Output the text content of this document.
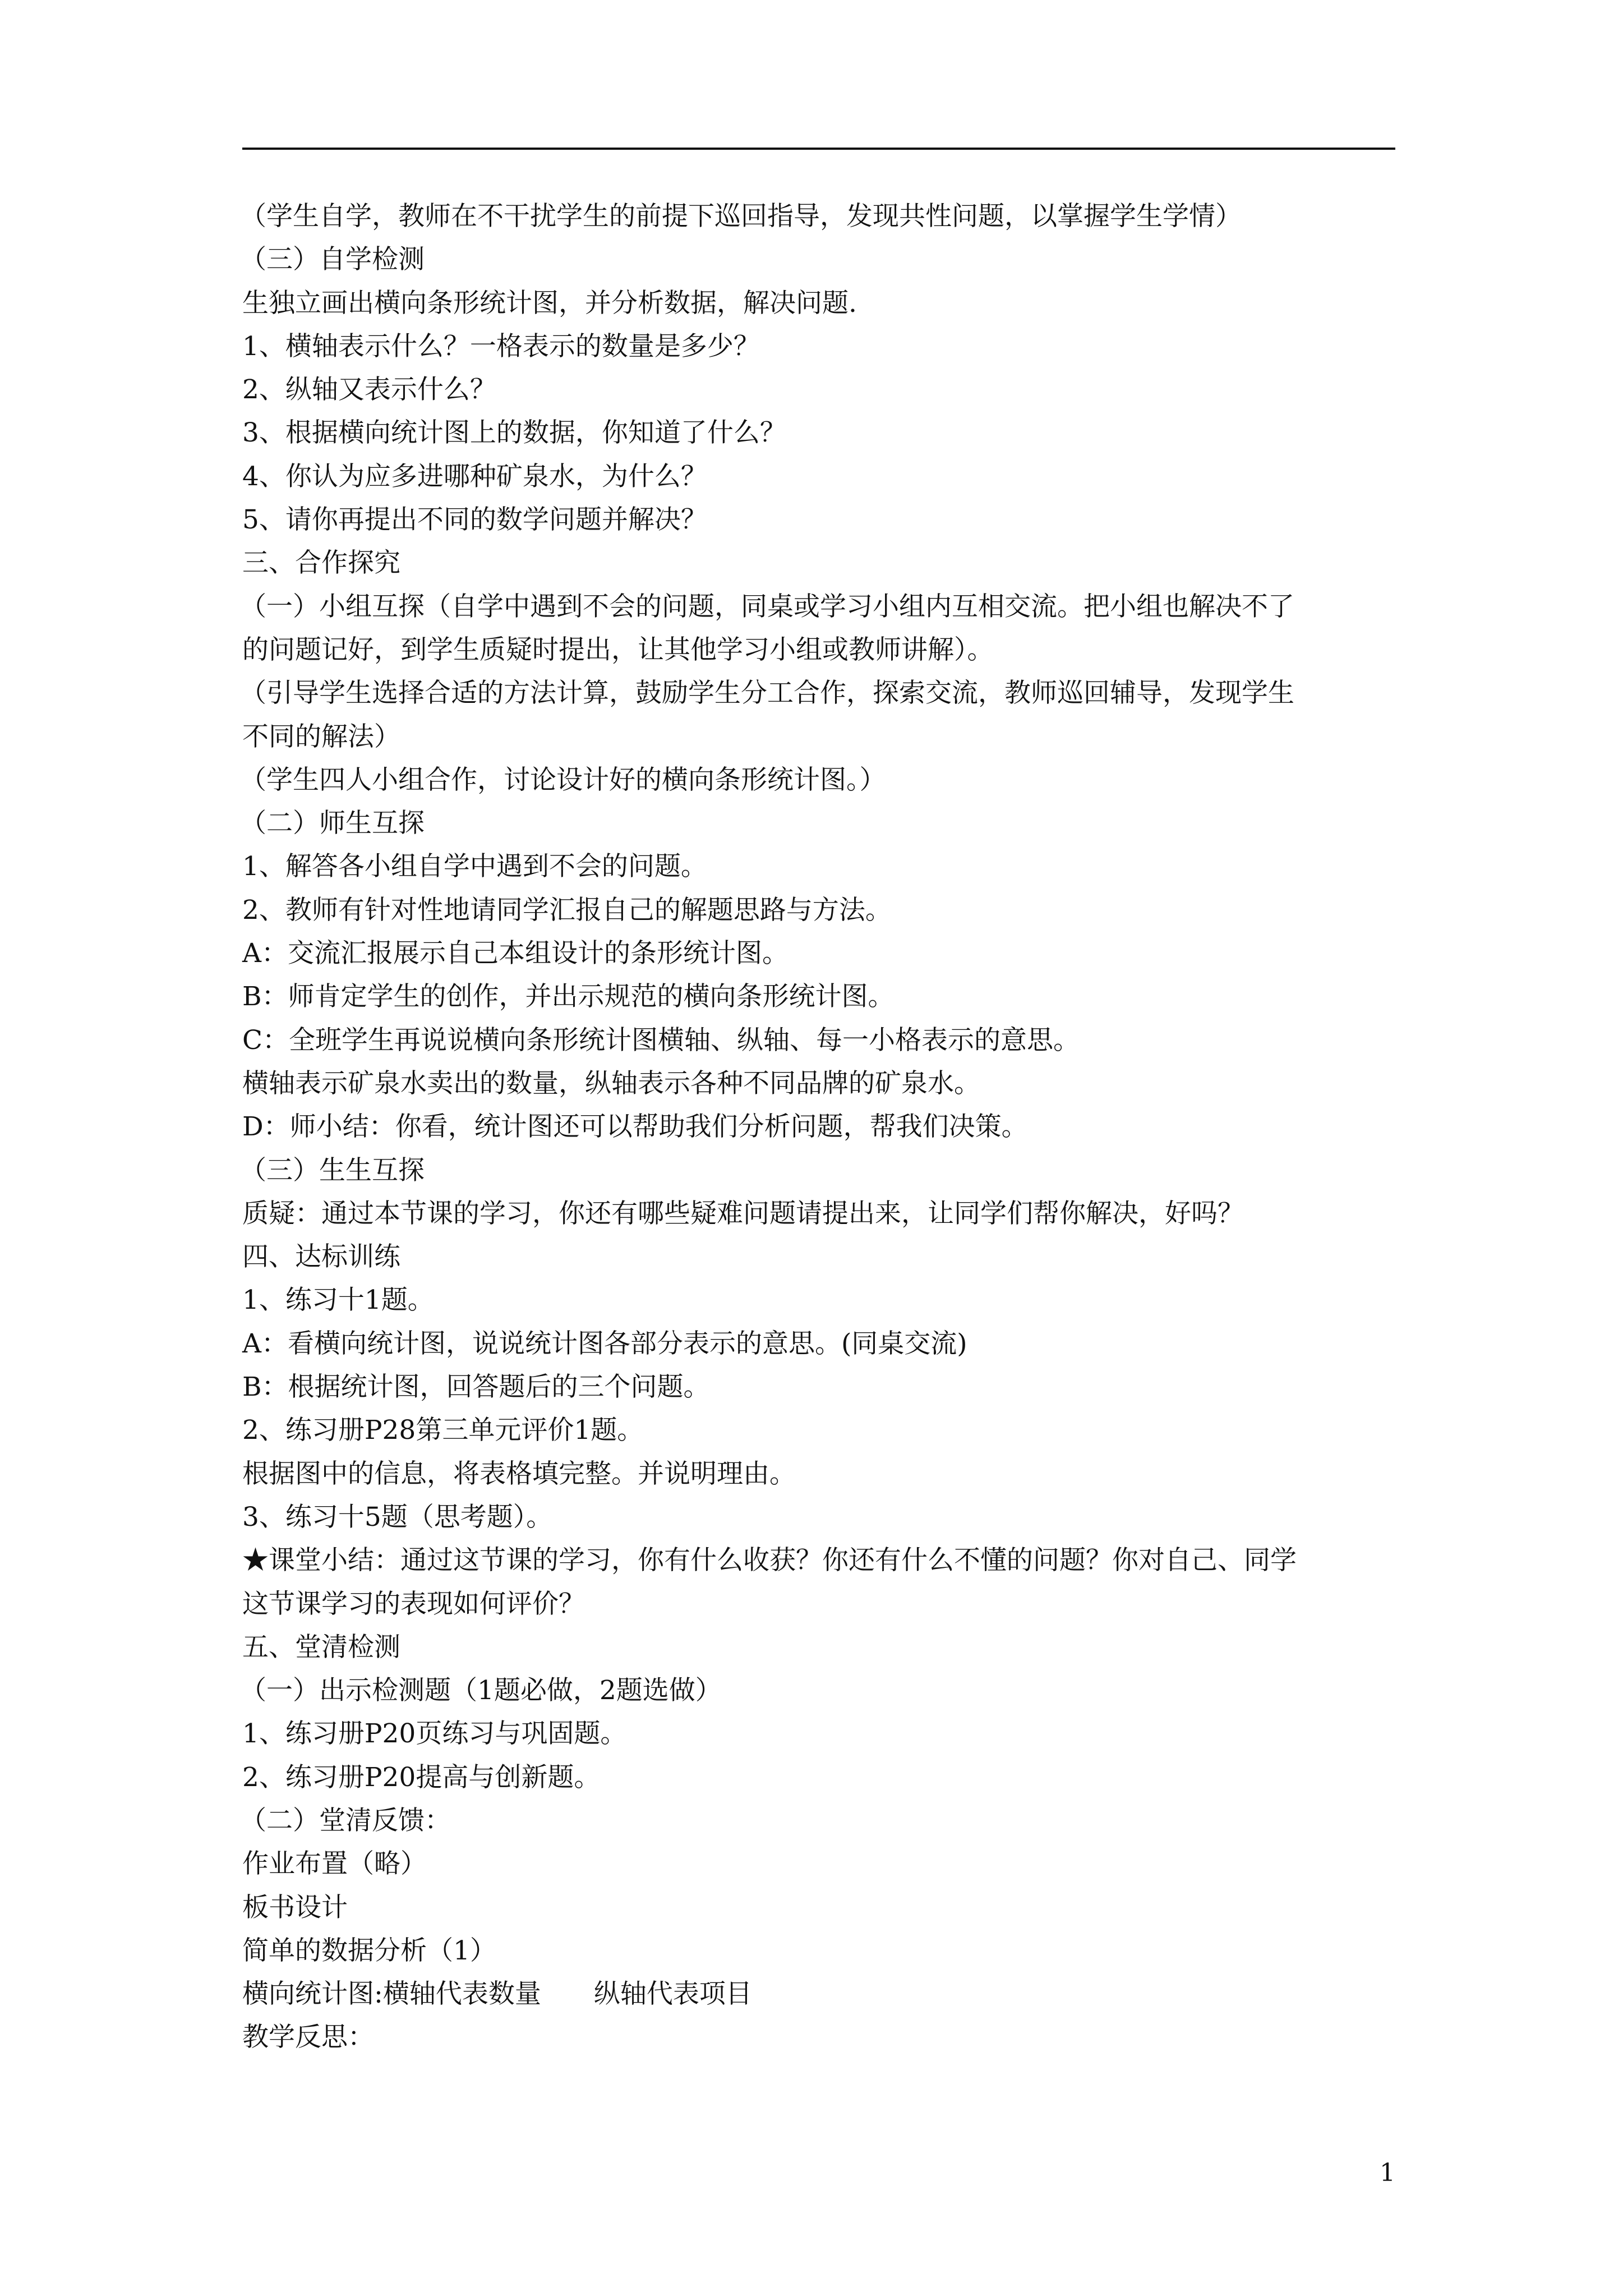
（学生自学，教师在不干扰学生的前提下巡回指导，发现共性问题，以掌握学生学情）

（三）自学检测

生独立画出横向条形统计图，并分析数据，解决问题.

1、横轴表示什么？一格表示的数量是多少？

2、纵轴又表示什么？

3、根据横向统计图上的数据，你知道了什么？

4、你认为应多进哪种矿泉水，为什么？

5、请你再提出不同的数学问题并解决？

三、合作探究

（一）小组互探（自学中遇到不会的问题，同桌或学习小组内互相交流。把小组也解决不了

的问题记好，到学生质疑时提出，让其他学习小组或教师讲解）。

（引导学生选择合适的方法计算，鼓励学生分工合作，探索交流，教师巡回辅导，发现学生

不同的解法）

（学生四人小组合作，讨论设计好的横向条形统计图。）

（二）师生互探

1、解答各小组自学中遇到不会的问题。

2、教师有针对性地请同学汇报自己的解题思路与方法。

A：交流汇报展示自己本组设计的条形统计图。

B：师肯定学生的创作，并出示规范的横向条形统计图。

C：全班学生再说说横向条形统计图横轴、纵轴、每一小格表示的意思。

横轴表示矿泉水卖出的数量，纵轴表示各种不同品牌的矿泉水。

D：师小结：你看，统计图还可以帮助我们分析问题，帮我们决策。

（三）生生互探

质疑：通过本节课的学习，你还有哪些疑难问题请提出来，让同学们帮你解决，好吗？

四、达标训练

1、练习十1题。

A：看横向统计图，说说统计图各部分表示的意思。(同桌交流)

B：根据统计图，回答题后的三个问题。

2、练习册P28第三单元评价1题。

根据图中的信息，将表格填完整。并说明理由。

3、练习十5题（思考题）。

★课堂小结：通过这节课的学习，你有什么收获？你还有什么不懂的问题？你对自己、同学

这节课学习的表现如何评价？

五、堂清检测

（一）出示检测题（1题必做，2题选做）

1、练习册P20页练习与巩固题。

2、练习册P20提高与创新题。

（二）堂清反馈：

作业布置（略）

板书设计

简单的数据分析（1）

横向统计图:横轴代表数量　　纵轴代表项目

教学反思：

1
